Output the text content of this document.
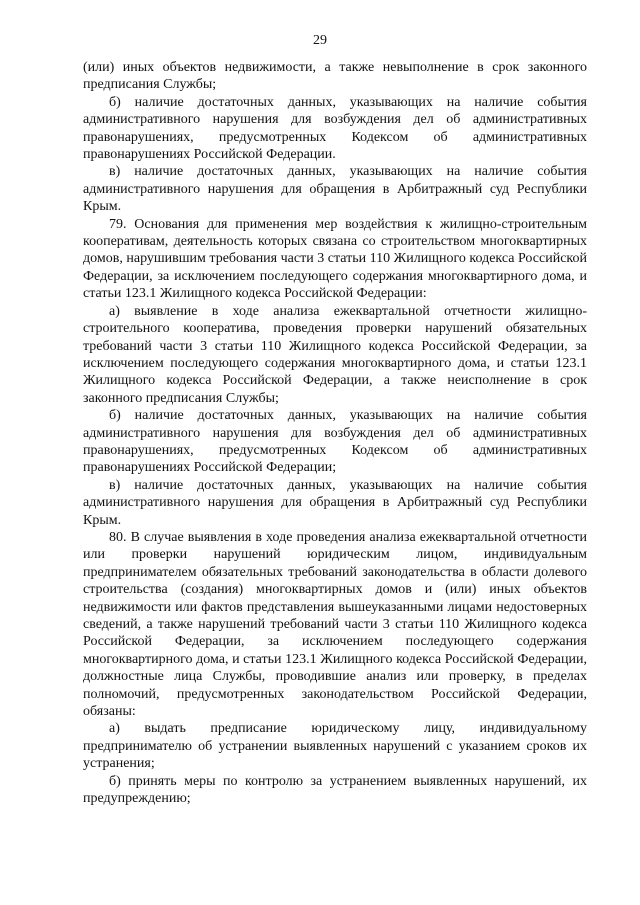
29

(или) иных объектов недвижимости, а также невыполнение в срок законного предписания Службы;

б) наличие достаточных данных, указывающих на наличие события административного нарушения для возбуждения дел об административных правонарушениях, предусмотренных Кодексом об административных правонарушениях Российской Федерации.

в) наличие достаточных данных, указывающих на наличие события административного нарушения для обращения в Арбитражный суд Республики Крым.

79. Основания для применения мер воздействия к жилищно-строительным кооперативам, деятельность которых связана со строительством многоквартирных домов, нарушившим требования части 3 статьи 110 Жилищного кодекса Российской Федерации, за исключением последующего содержания многоквартирного дома, и статьи 123.1 Жилищного кодекса Российской Федерации:

а) выявление в ходе анализа ежеквартальной отчетности жилищно-строительного кооператива, проведения проверки нарушений обязательных требований части 3 статьи 110 Жилищного кодекса Российской Федерации, за исключением последующего содержания многоквартирного дома, и статьи 123.1 Жилищного кодекса Российской Федерации, а также неисполнение в срок законного предписания Службы;

б) наличие достаточных данных, указывающих на наличие события административного нарушения для возбуждения дел об административных правонарушениях, предусмотренных Кодексом об административных правонарушениях Российской Федерации;

в) наличие достаточных данных, указывающих на наличие события административного нарушения для обращения в Арбитражный суд Республики Крым.

80. В случае выявления в ходе проведения анализа ежеквартальной отчетности или проверки нарушений юридическим лицом, индивидуальным предпринимателем обязательных требований законодательства в области долевого строительства (создания) многоквартирных домов и (или) иных объектов недвижимости или фактов представления вышеуказанными лицами недостоверных сведений, а также нарушений требований части 3 статьи 110 Жилищного кодекса Российской Федерации, за исключением последующего содержания многоквартирного дома, и статьи 123.1 Жилищного кодекса Российской Федерации, должностные лица Службы, проводившие анализ или проверку, в пределах полномочий, предусмотренных законодательством Российской Федерации, обязаны:

а) выдать предписание юридическому лицу, индивидуальному предпринимателю об устранении выявленных нарушений с указанием сроков их устранения;

б) принять меры по контролю за устранением выявленных нарушений, их предупреждению;
